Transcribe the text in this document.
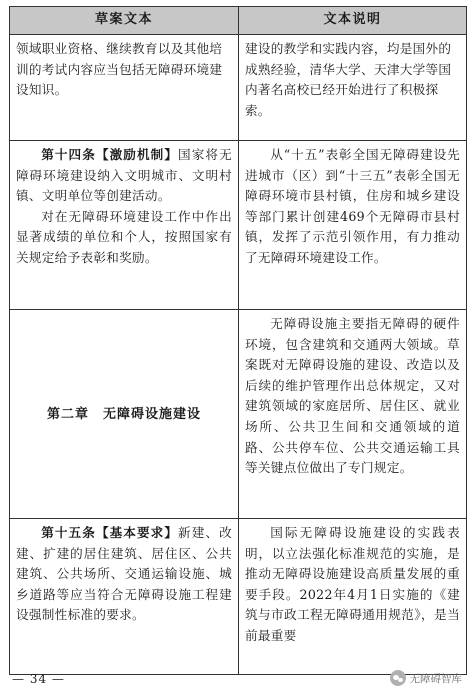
草案文本	文本说明

领域职业资格、继续教育以及其他培训的考试内容应当包括无障碍环境建设知识。	建设的教学和实践内容，均是国外的成熟经验，清华大学、天津大学等国内著名高校已经开始进行了积极探索。

第十四条【激励机制】国家将无障碍环境建设纳入文明城市、文明村镇、文明单位等创建活动。

对在无障碍环境建设工作中作出显著成绩的单位和个人，按照国家有关规定给予表彰和奖励。	从“十五”表彰全国无障碍建设先进城市（区）到“十三五”表彰全国无障碍环境市县村镇，住房和城乡建设等部门累计创建469个无障碍市县村镇，发挥了示范引领作用，有力推动了无障碍环境建设工作。

第二章 无障碍设施建设	无障碍设施主要指无障碍的硬件环境，包含建筑和交通两大领域。草案既对无障碍设施的建设、改造以及后续的维护管理作出总体规定，又对建筑领域的家庭居所、居住区、就业场所、公共卫生间和交通领域的道路、公共停车位、公共交通运输工具等关键点位做出了专门规定。

第十五条【基本要求】新建、改建、扩建的居住建筑、居住区、公共建筑、公共场所、交通运输设施、城乡道路等应当符合无障碍设施工程建设强制性标准的要求。	国际无障碍设施建设的实践表明，以立法强化标准规范的实施，是推动无障碍设施建设高质量发展的重要手段。2022年4月1日实施的《建筑与市政工程无障碍通用规范》，是当前最重要

— 34 —	无障碍智库
